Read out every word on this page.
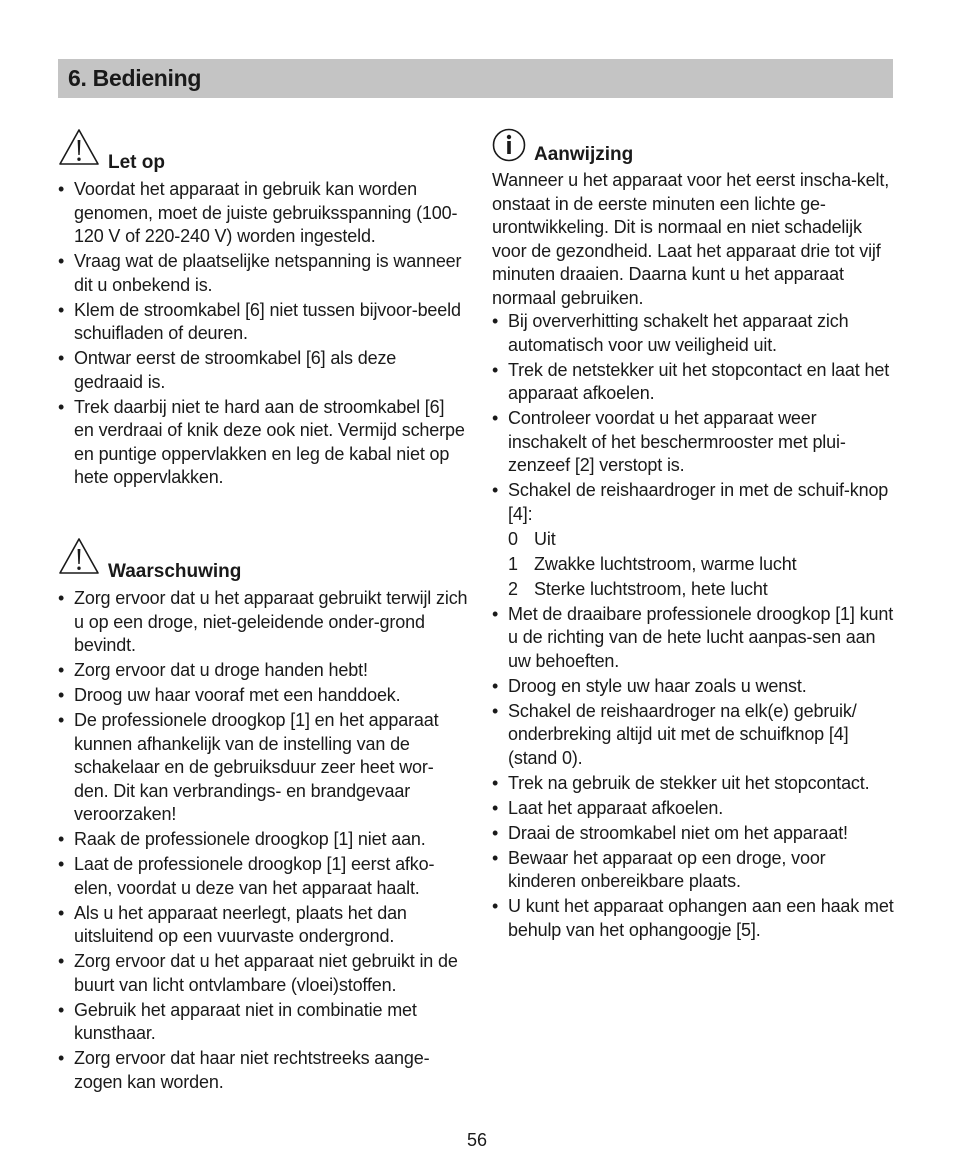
6. Bediening
Let op
• Voordat het apparaat in gebruik kan worden genomen, moet de juiste gebruiksspanning (100-120 V of 220-240 V) worden ingesteld.
• Vraag wat de plaatselijke netspanning is wanneer dit u onbekend is.
• Klem de stroomkabel [6] niet tussen bijvoor-beeld schuifladen of deuren.
• Ontwar eerst de stroomkabel [6] als deze gedraaid is.
• Trek daarbij niet te hard aan de stroomkabel [6] en verdraai of knik deze ook niet. Vermijd scherpe en puntige oppervlakken en leg de kabal niet op hete oppervlakken.
Waarschuwing
• Zorg ervoor dat u het apparaat gebruikt terwijl zich u op een droge, niet-geleidende onder-grond bevindt.
• Zorg ervoor dat u droge handen hebt!
• Droog uw haar vooraf met een handdoek.
• De professionele droogkop [1] en het apparaat kunnen afhankelijk van de instelling van de schakelaar en de gebruiksduur zeer heet wor-den. Dit kan verbrandings- en brandgevaar veroorzaken!
• Raak de professionele droogkop [1] niet aan.
• Laat de professionele droogkop [1] eerst afko-elen, voordat u deze van het apparaat haalt.
• Als u het apparaat neerlegt, plaats het dan uitsluitend op een vuurvaste ondergrond.
• Zorg ervoor dat u het apparaat niet gebruikt in de buurt van licht ontvlambare (vloei)stoffen.
• Gebruik het apparaat niet in combinatie met kunsthaar.
• Zorg ervoor dat haar niet rechtstreeks aange-zogen kan worden.
Aanwijzing

Wanneer u het apparaat voor het eerst inscha-kelt, onstaat in de eerste minuten een lichte ge-urontwikkeling. Dit is normaal en niet schadelijk voor de gezondheid. Laat het apparaat drie tot vijf minuten draaien. Daarna kunt u het apparaat normaal gebruiken.

• Bij oververhitting schakelt het apparaat zich automatisch voor uw veiligheid uit.
• Trek de netstekker uit het stopcontact en laat het apparaat afkoelen.
• Controleer voordat u het apparaat weer inschakelt of het beschermrooster met plui-zenzeef [2] verstopt is.
• Schakel de reishaardroger in met de schuif-knop [4]:
0 Uit
1 Zwakke luchtstroom, warme lucht
2 Sterke luchtstroom, hete lucht
• Met de draaibare professionele droogkop [1] kunt u de richting van de hete lucht aanpas-sen aan uw behoeften.
• Droog en style uw haar zoals u wenst.
• Schakel de reishaardroger na elk(e) gebruik/ onderbreking altijd uit met de schuifknop [4] (stand 0).
• Trek na gebruik de stekker uit het stopcontact.
• Laat het apparaat afkoelen.
• Draai de stroomkabel niet om het apparaat!
• Bewaar het apparaat op een droge, voor kinderen onbereikbare plaats.
• U kunt het apparaat ophangen aan een haak met behulp van het ophangoogje [5].
56
